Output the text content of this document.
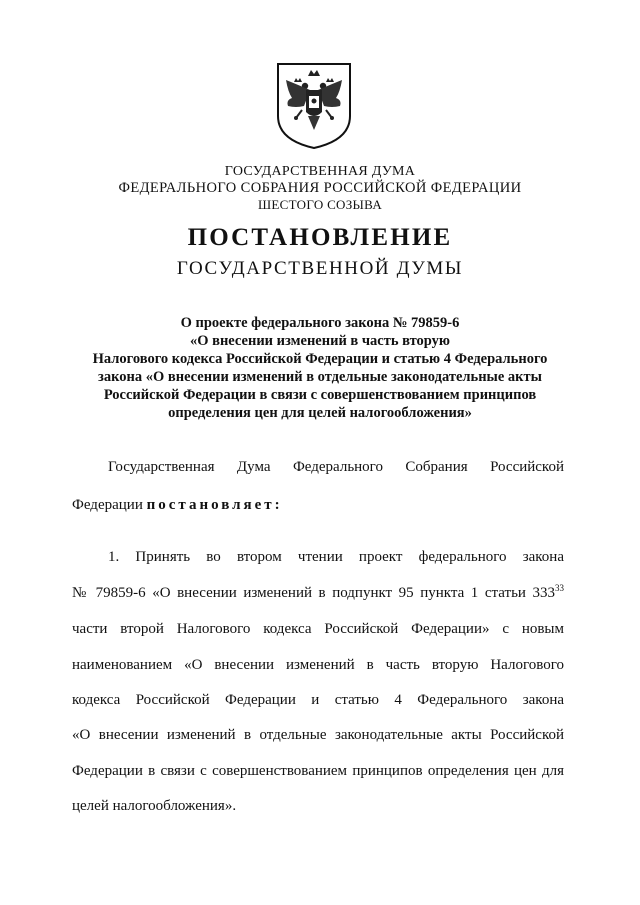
ГОСУДАРСТВЕННАЯ ДУМА
ФЕДЕРАЛЬНОГО СОБРАНИЯ РОССИЙСКОЙ ФЕДЕРАЦИИ
ШЕСТОГО СОЗЫВА
ПОСТАНОВЛЕНИЕ
ГОСУДАРСТВЕННОЙ ДУМЫ
О проекте федерального закона № 79859-6
«О внесении изменений в часть вторую
Налогового кодекса Российской Федерации и статью 4 Федерального
закона «О внесении изменений в отдельные законодательные акты
Российской Федерации в связи с совершенствованием принципов
определения цен для целей налогообложения»
Государственная Дума Федерального Собрания Российской
Федерации постановляет:
1. Принять во втором чтении проект федерального закона
№ 79859-6 «О внесении изменений в подпункт 95 пункта 1 статьи $333^{33}$
части второй Налогового кодекса Российской Федерации» с новым
наименованием «О внесении изменений в часть вторую Налогового
кодекса Российской Федерации и статью 4 Федерального закона
«О внесении изменений в отдельные законодательные акты Российской
Федерации в связи с совершенствованием принципов определения цен для
целей налогообложения».
